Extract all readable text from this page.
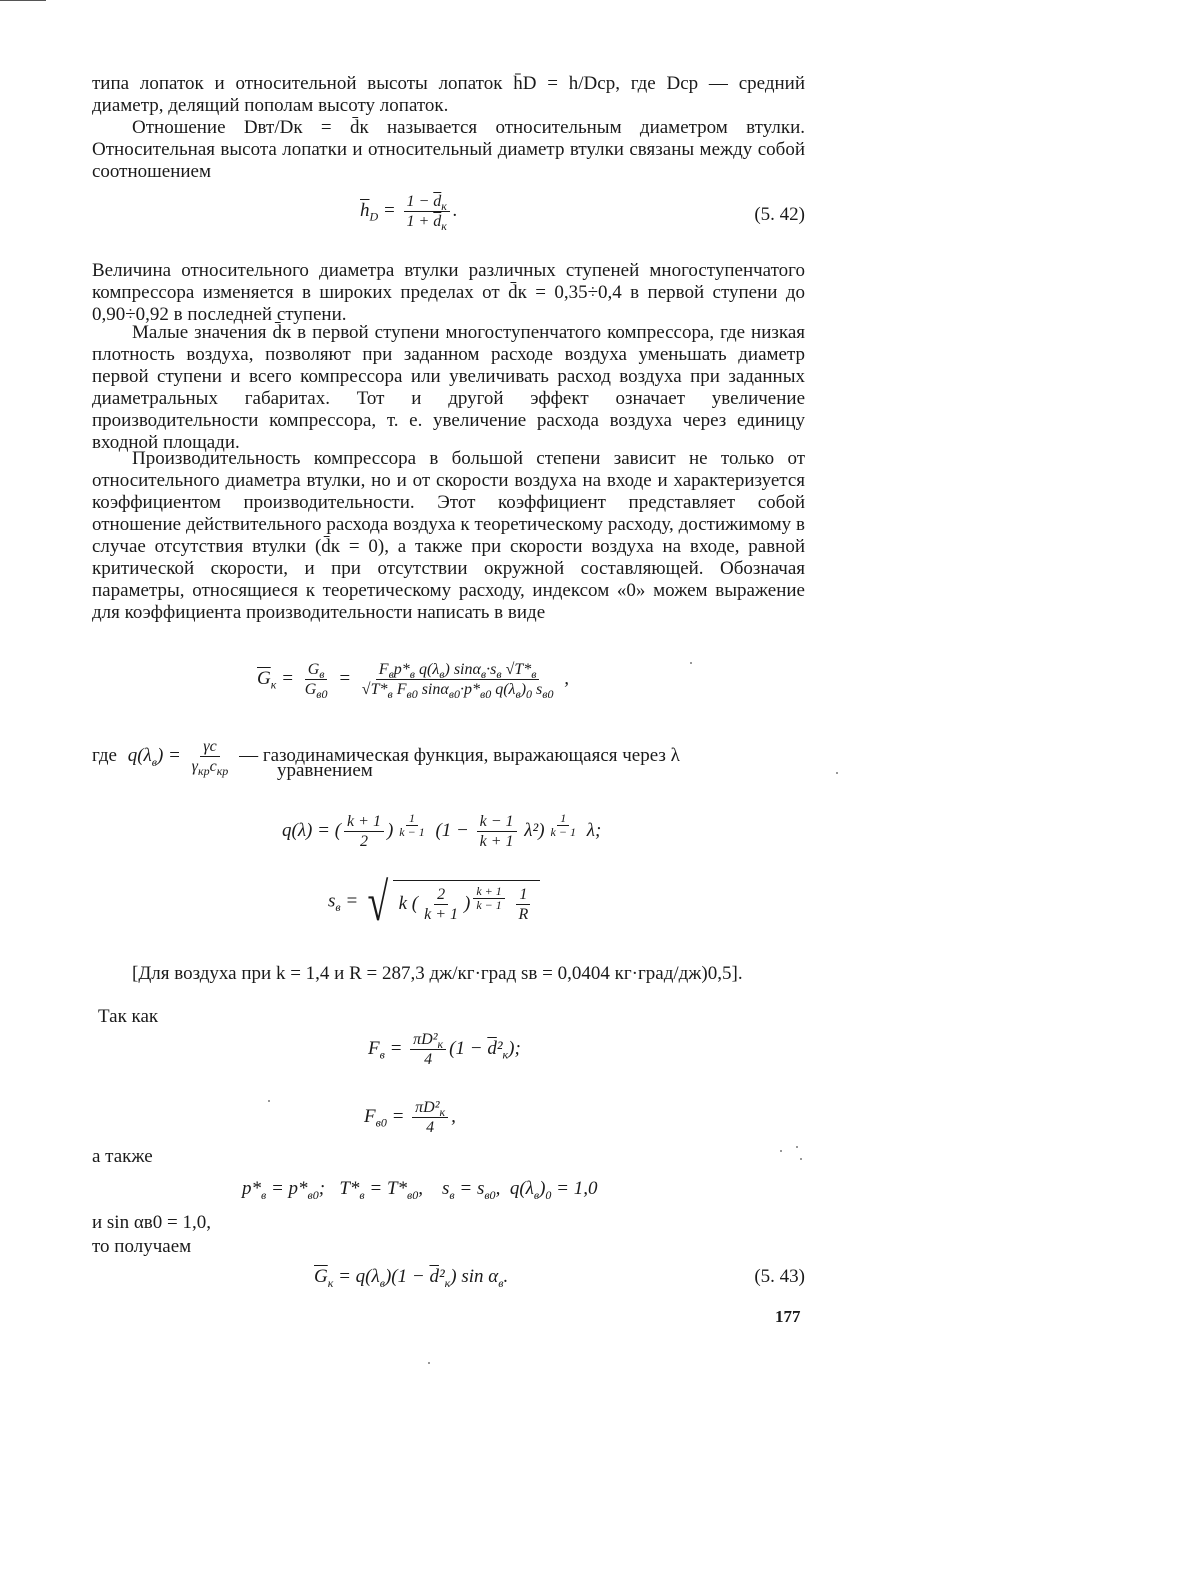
типа лопаток и относительной высоты лопаток h̄D = h/Dср, где Dср — средний диаметр, делящий пополам высоту лопаток.

Отношение Dвт/Dк = d̄к называется относительным диаметром втулки. Относительная высота лопатки и относительный диаметр втулки связаны между собой соотношением

$\overline{h}_D = \frac{1 - \overline{d}_к}{1 + \overline{d}_к}$ .	(5. 42)

Величина относительного диаметра втулки различных ступеней многоступенчатого компрессора изменяется в широких пределах от d̄к = 0,35÷0,4 в первой ступени до 0,90÷0,92 в последней ступени.

Малые значения d̄к в первой ступени многоступенчатого компрессора, где низкая плотность воздуха, позволяют при заданном расходе воздуха уменьшать диаметр первой ступени и всего компрессора или увеличивать расход воздуха при заданных диаметральных габаритах. Тот и другой эффект означает увеличение производительности компрессора, т. е. увеличение расхода воздуха через единицу входной площади.

Производительность компрессора в большой степени зависит не только от относительного диаметра втулки, но и от скорости воздуха на входе и характеризуется коэффициентом производительности. Этот коэффициент представляет собой отношение действительного расхода воздуха к теоретическому расходу, достижимому в случае отсутствия втулки (d̄к = 0), а также при скорости воздуха на входе, равной критической скорости, и при отсутствии окружной составляющей. Обозначая параметры, относящиеся к теоретическому расходу, индексом «0» можем выражение для коэффициента производительности написать в виде

$\overline{G}_к = \frac{G_в}{G_{в0}} = \frac{F_вp*_в q(\lambda_в) \sin\alpha_в\cdot s_в √T*_в}{√T*_в F_{в0} \sin\alpha_{в0}\cdot p*_{в0} q(\lambda_в)_0 s_{в0}}$ ,
где $q(\lambda_в) = \frac{\gamma c}{\gamma_{кр}c_{кр}}$ — газодинамическая функция, выражающаяся через λ
уравнением
q(λ) = ( $\frac{k + 1}{2}$ ) $^{\frac{1}{k - 1}}$ $(1 - \frac{k - 1}{k + 1} \lambda^2)$ $^{\frac{1}{k - 1}}$ λ;
$s_в$ = √ k ( $\frac{2}{k + 1}$ ) $^{\frac{k + 1}{k - 1}}$
$\frac{1}{R}$

[Для воздуха при k = 1,4 и R = 287,3 дж/кг·град sв = 0,0404 кг·град/дж)0,5].

Так как
$F_в = \frac{\pi D^2_к}{4} (1 - \overline{d}^2_к)$;
$F_{в0} = \frac{\pi D^2_к}{4}$ ,
а также
$p*_в = p*_{в0}$;   $T*_в = T*_{в0}$,    $s_в = s_{в0}$,  $q(\lambda_в)_0 = 1,0$
и sin αв0 = 1,0,
то получаем
$\overline{G}_к = q(\lambda_в)(1 - \overline{d}^2_к)$ $\sin \alpha_в$.	(5. 43)
177
